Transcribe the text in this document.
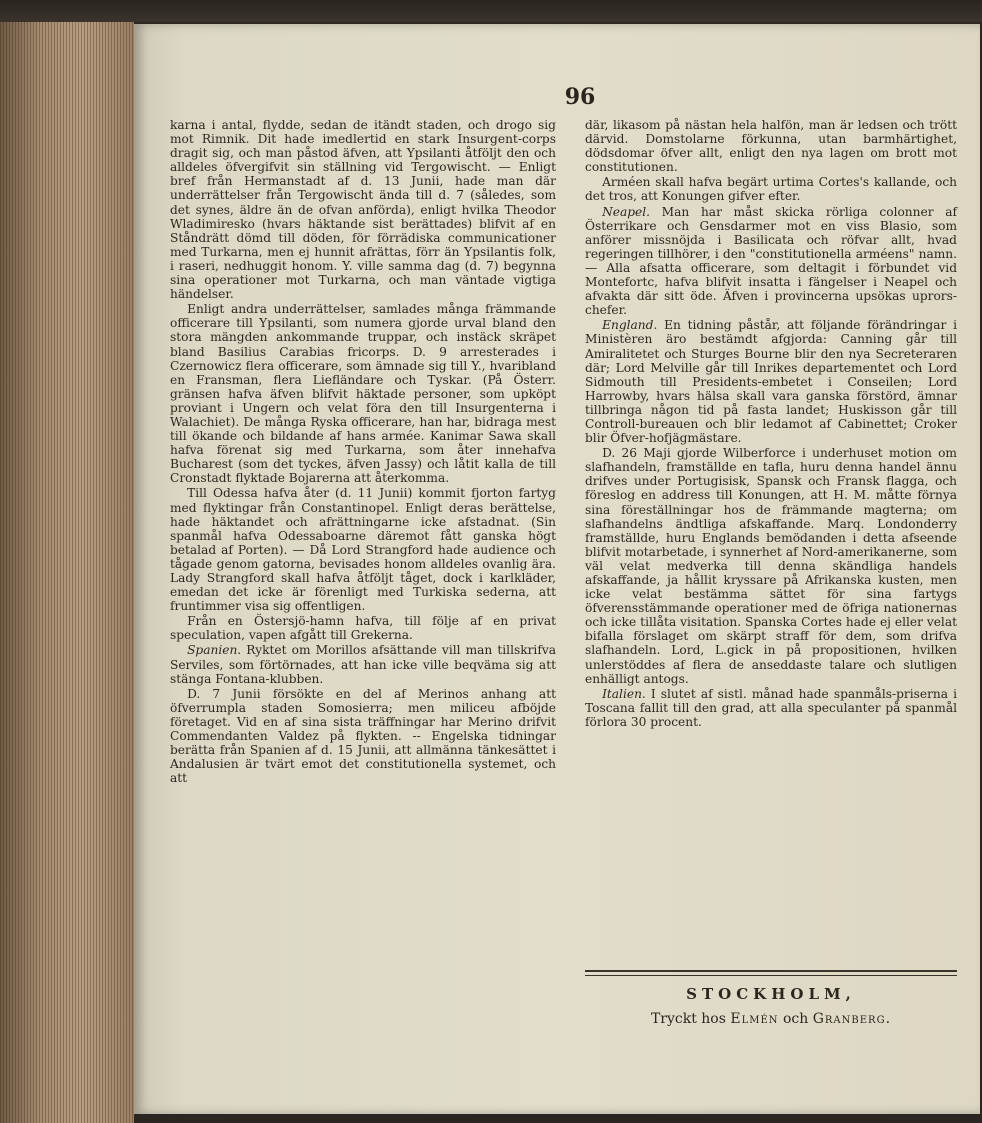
96

karna i antal, flydde, sedan de itändt staden, och drogo sig mot Rimnik. Dit hade imedlertid en stark Insurgent-corps dragit sig, och man påstod äfven, att Ypsilanti åtföljt den och alldeles öfvergifvit sin ställning vid Tergowischt. — Enligt bref från Hermanstadt af d. 13 Junii, hade man där underrättelser från Tergowischt ända till d. 7 (således, som det synes, äldre än de ofvan anförda), enligt hvilka Theodor Wladimiresko (hvars häktande sist berättades) blifvit af en Ståndrätt dömd till döden, för förrädiska communicationer med Turkarna, men ej hunnit afrättas, förr än Ypsilantis folk, i raseri, nedhuggit honom. Y. ville samma dag (d. 7) begynna sina operationer mot Turkarna, och man väntade vigtiga händelser.

Enligt andra underrättelser, samlades många främmande officerare till Ypsilanti, som numera gjorde urval bland den stora mängden ankommande truppar, och instäck skräpet bland Basilius Carabias fricorps. D. 9 arresterades i Czernowicz flera officerare, som ämnade sig till Y., hvaribland en Fransman, flera Liefländare och Tyskar. (På Österr. gränsen hafva äfven blifvit häktade personer, som upköpt proviant i Ungern och velat föra den till Insurgenterna i Walachiet). De många Ryska officerare, han har, bidraga mest till ökande och bildande af hans armée. Kanimar Sawa skall hafva förenat sig med Turkarna, som åter innehafva Bucharest (som det tyckes, äfven Jassy) och låtit kalla de till Cronstadt flyktade Bojarerna att återkomma.

Till Odessa hafva åter (d. 11 Junii) kommit fjorton fartyg med flyktingar från Constantinopel. Enligt deras berättelse, hade häktandet och afrättningarne icke afstadnat. (Sin spanmål hafva Odessaboarne däremot fått ganska högt betalad af Porten). — Då Lord Strangford hade audience och tågade genom gatorna, bevisades honom alldeles ovanlig ära. Lady Strangford skall hafva åtföljt tåget, dock i karlkläder, emedan det icke är förenligt med Turkiska sederna, att fruntimmer visa sig offentligen.

Från en Östersjö-hamn hafva, till följe af en privat speculation, vapen afgått till Grekerna.

Spanien. Ryktet om Morillos afsättande vill man tillskrifva Serviles, som förtörnades, att han icke ville beqväma sig att stänga Fontana-klubben.

D. 7 Junii försökte en del af Merinos anhang att öfverrumpla staden Somosierra; men miliceu afböjde företaget. Vid en af sina sista träffningar har Merino drifvit Commendanten Valdez på flykten. -- Engelska tidningar berätta från Spanien af d. 15 Junii, att allmänna tänkesättet i Andalusien är tvärt emot det constitutionella systemet, och att

där, likasom på nästan hela halfön, man är ledsen och trött därvid. Domstolarne förkunna, utan barmhärtighet, dödsdomar öfver allt, enligt den nya lagen om brott mot constitutionen.

Arméen skall hafva begärt urtima Cortes's kallande, och det tros, att Konungen gifver efter.

Neapel. Man har måst skicka rörliga colonner af Österrikare och Gensdarmer mot en viss Blasio, som anförer missnöjda i Basilicata och röfvar allt, hvad regeringen tillhörer, i den "constitutionella arméens" namn. — Alla afsatta officerare, som deltagit i förbundet vid Montefortc, hafva blifvit insatta i fängelser i Neapel och afvakta där sitt öde. Äfven i provincerna upsökas uprors-chefer.

England. En tidning påstår, att följande förändringar i Ministèren äro bestämdt afgjorda: Canning går till Amiralitetet och Sturges Bourne blir den nya Secreteraren där; Lord Melville går till Inrikes departementet och Lord Sidmouth till Presidents-embetet i Conseilen; Lord Harrowby, hvars hälsa skall vara ganska förstörd, ämnar tillbringa någon tid på fasta landet; Huskisson går till Controll-bureauen och blir ledamot af Cabinettet; Croker blir Öfver-hofjägmästare.

D. 26 Maji gjorde Wilberforce i underhuset motion om slafhandeln, framställde en tafla, huru denna handel ännu drifves under Portugisisk, Spansk och Fransk flagga, och föreslog en address till Konungen, att H. M. måtte förnya sina föreställningar hos de främmande magterna; om slafhandelns ändtliga afskaffande. Marq. Londonderry framställde, huru Englands bemödanden i detta afseende blifvit motarbetade, i synnerhet af Nord-amerikanerne, som väl velat medverka till denna skändliga handels afskaffande, ja hållit kryssare på Afrikanska kusten, men icke velat bestämma sättet för sina fartygs öfverensstämmande operationer med de öfriga nationernas och icke tillåta visitation. Spanska Cortes hade ej eller velat bifalla förslaget om skärpt straff för dem, som drifva slafhandeln. Lord, L.gick in på propositionen, hvilken unlerstöddes af flera de anseddaste talare och slutligen enhälligt antogs.

Italien. I slutet af sistl. månad hade spanmåls-priserna i Toscana fallit till den grad, att alla speculanter på spanmål förlora 30 procent.

STOCKHOLM,
Tryckt hos Elmén och Granberg.
